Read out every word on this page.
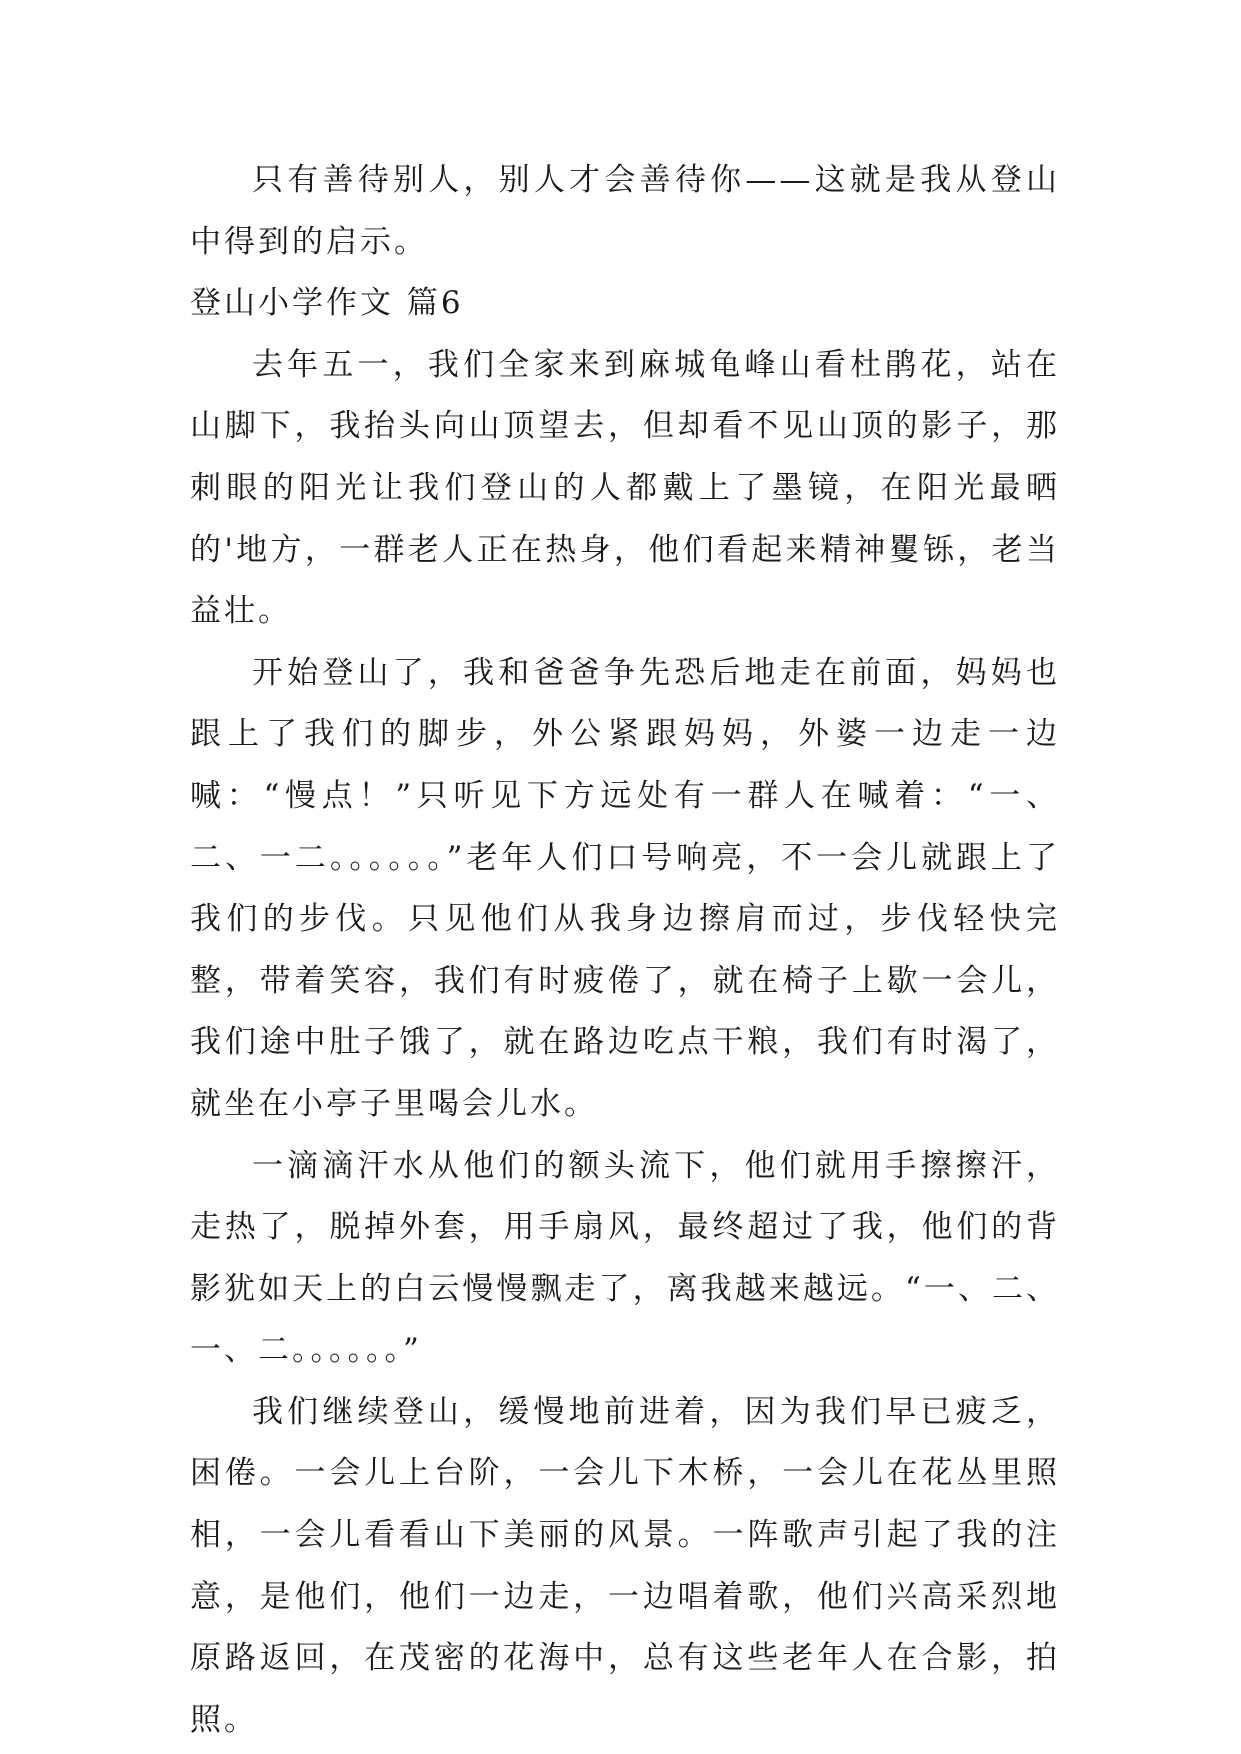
只有善待别人，别人才会善待你——这就是我从登山中得到的启示。

登山小学作文 篇6

去年五一，我们全家来到麻城龟峰山看杜鹃花，站在山脚下，我抬头向山顶望去，但却看不见山顶的影子，那刺眼的阳光让我们登山的人都戴上了墨镜，在阳光最晒的'地方，一群老人正在热身，他们看起来精神矍铄，老当益壮。

开始登山了，我和爸爸争先恐后地走在前面，妈妈也跟上了我们的脚步，外公紧跟妈妈，外婆一边走一边喊：“慢点！”只听见下方远处有一群人在喊着：“一、二、一二。。。。。。”老年人们口号响亮，不一会儿就跟上了我们的步伐。只见他们从我身边擦肩而过，步伐轻快完整，带着笑容，我们有时疲倦了，就在椅子上歇一会儿，我们途中肚子饿了，就在路边吃点干粮，我们有时渴了，就坐在小亭子里喝会儿水。

一滴滴汗水从他们的额头流下，他们就用手擦擦汗，走热了，脱掉外套，用手扇风，最终超过了我，他们的背影犹如天上的白云慢慢飘走了，离我越来越远。“一、二、一、二。。。。。。”

我们继续登山，缓慢地前进着，因为我们早已疲乏，困倦。一会儿上台阶，一会儿下木桥，一会儿在花丛里照相，一会儿看看山下美丽的风景。一阵歌声引起了我的注意，是他们，他们一边走，一边唱着歌，他们兴高采烈地原路返回，在茂密的花海中，总有这些老年人在合影，拍照。
